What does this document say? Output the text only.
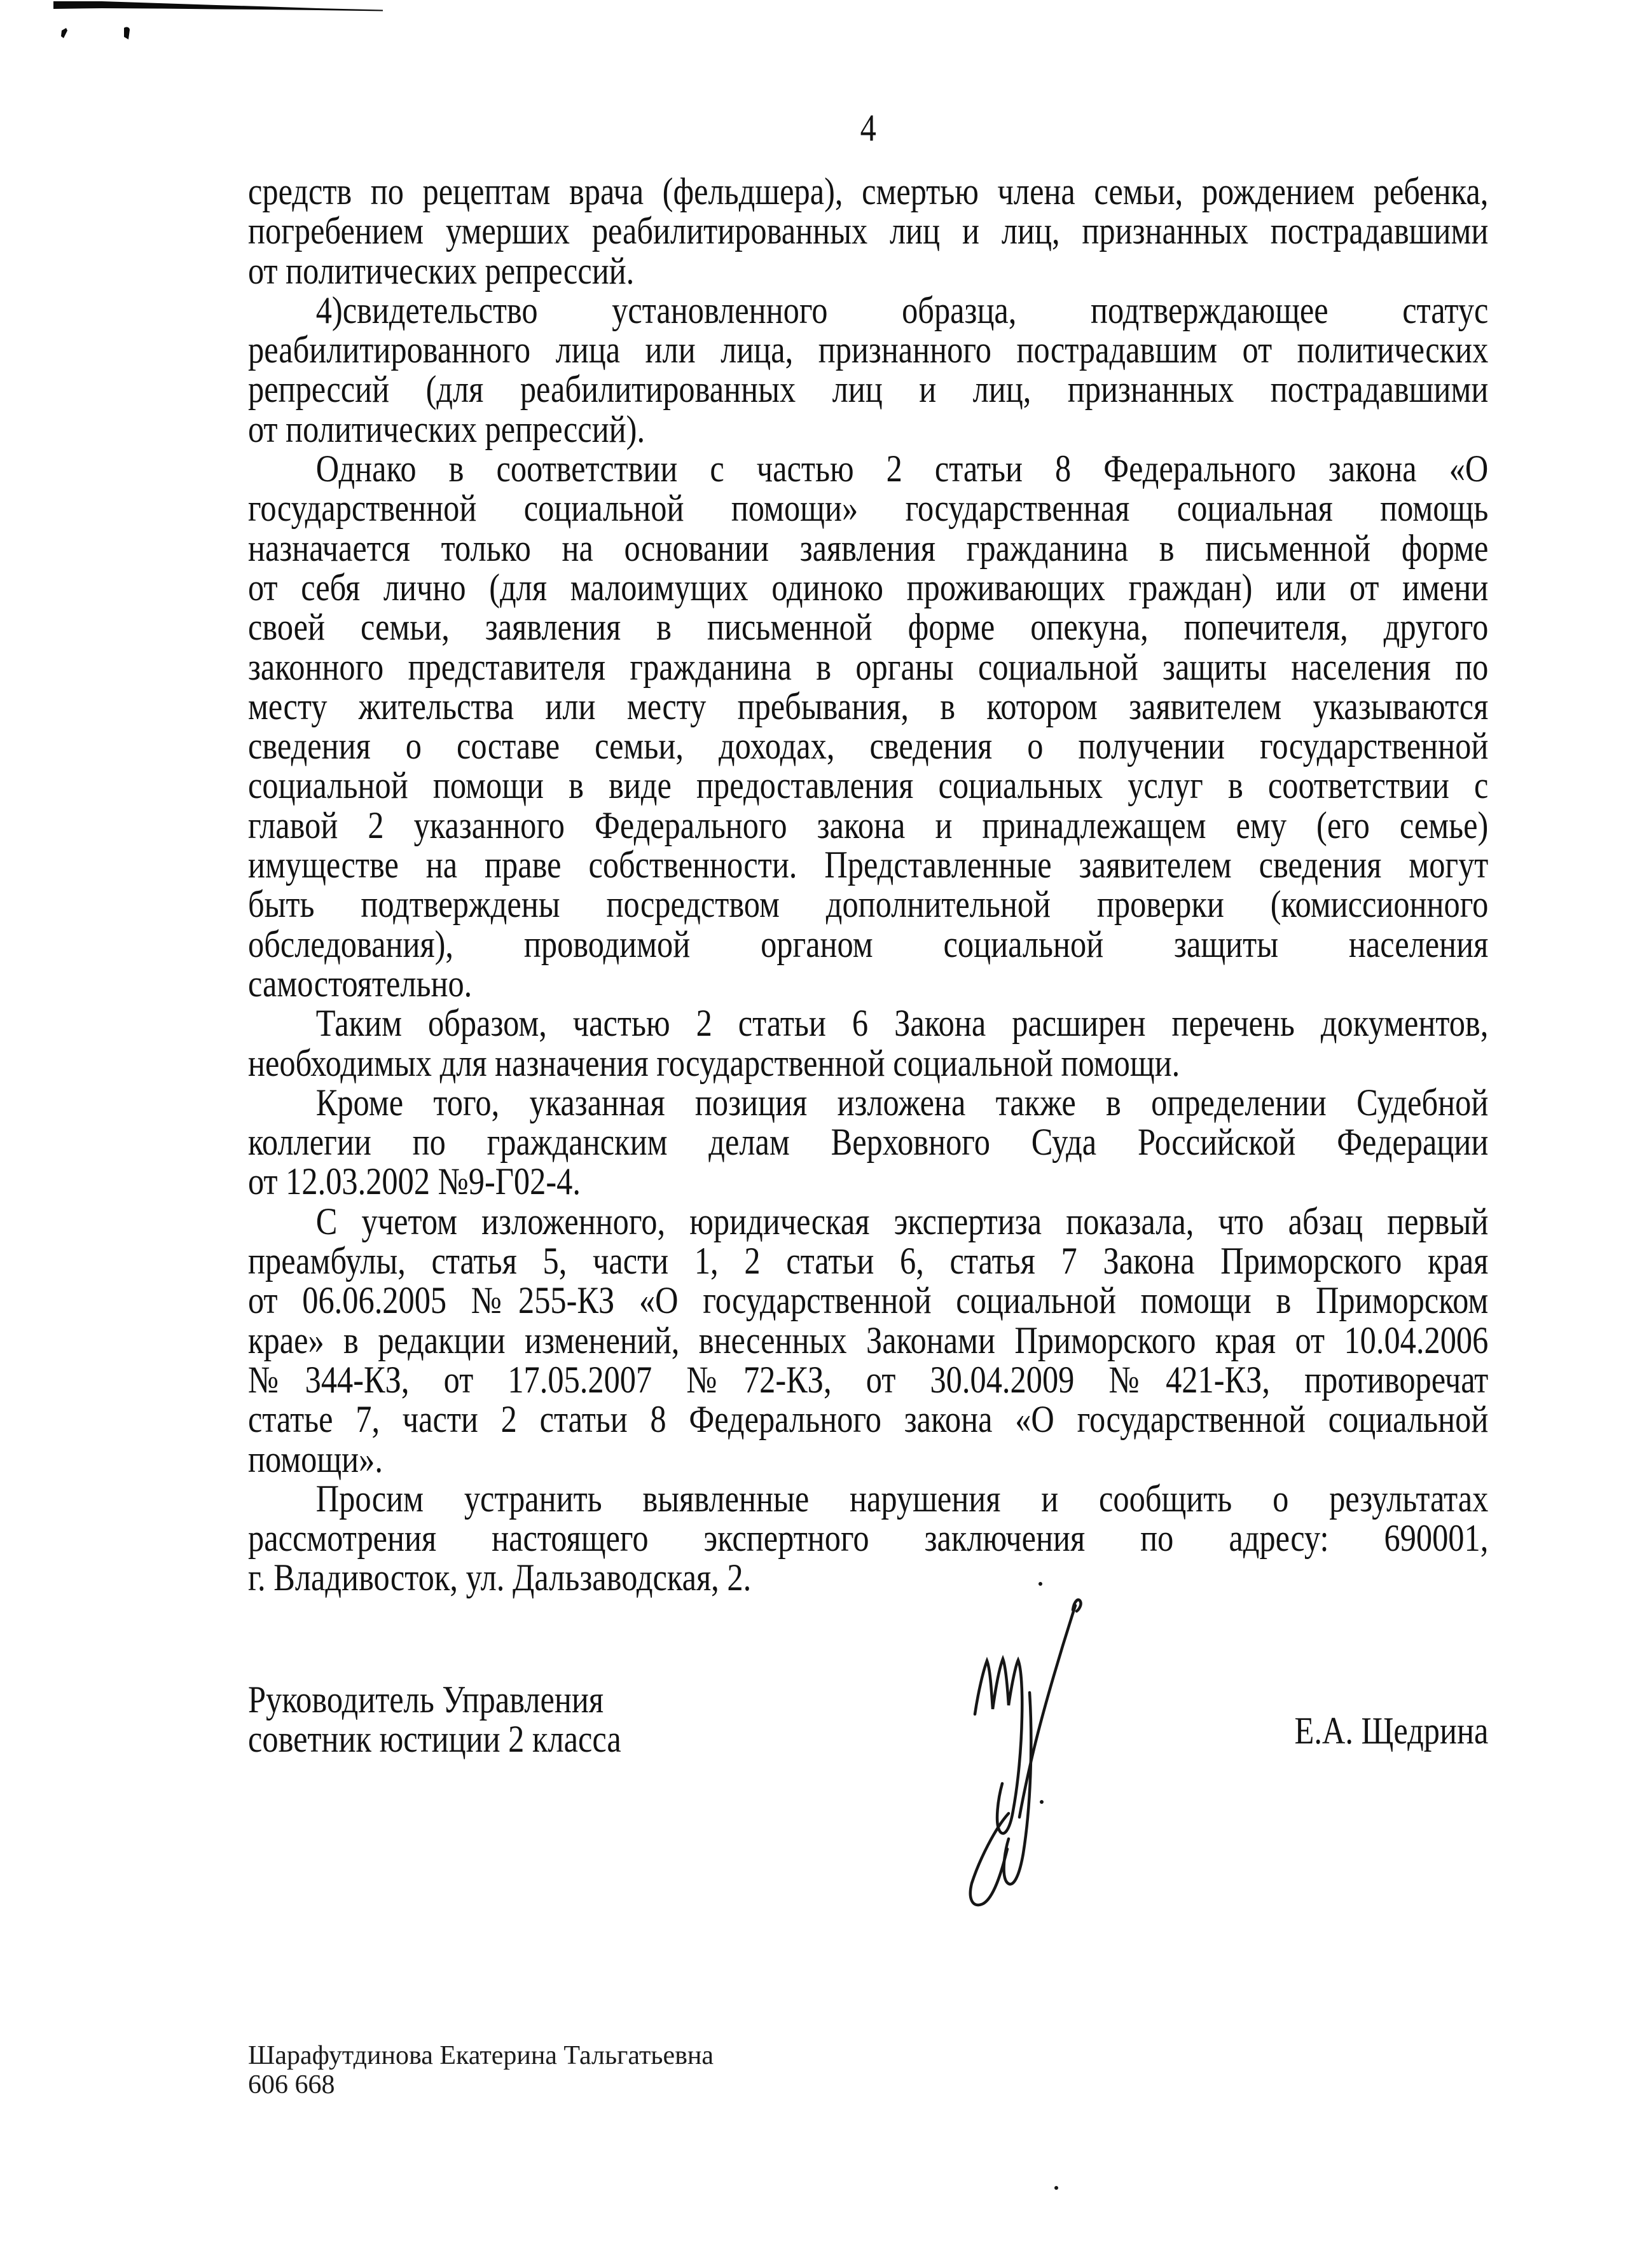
4
средств по рецептам врача (фельдшера), смертью члена семьи, рождением ребенка,
погребением умерших реабилитированных лиц и лиц, признанных пострадавшими
от политических репрессий.
4)свидетельство установленного образца, подтверждающее статус
реабилитированного лица или лица, признанного пострадавшим от политических
репрессий (для реабилитированных лиц и лиц, признанных пострадавшими
от политических репрессий).
Однако в соответствии с частью 2 статьи 8 Федерального закона «О
государственной социальной помощи» государственная социальная помощь
назначается только на основании заявления гражданина в письменной форме
от себя лично (для малоимущих одиноко проживающих граждан) или от имени
своей семьи, заявления в письменной форме опекуна, попечителя, другого
законного представителя гражданина в органы социальной защиты населения по
месту жительства или месту пребывания, в котором заявителем указываются
сведения о составе семьи, доходах, сведения о получении государственной
социальной помощи в виде предоставления социальных услуг в соответствии с
главой 2 указанного Федерального закона и принадлежащем ему (его семье)
имуществе на праве собственности. Представленные заявителем сведения могут
быть подтверждены посредством дополнительной проверки (комиссионного
обследования), проводимой органом социальной защиты населения
самостоятельно.
Таким образом, частью 2 статьи 6 Закона расширен перечень документов,
необходимых для назначения государственной социальной помощи.
Кроме того, указанная позиция изложена также в определении Судебной
коллегии по гражданским делам Верховного Суда Российской Федерации
от 12.03.2002 №9-Г02-4.
С учетом изложенного, юридическая экспертиза показала, что абзац первый
преамбулы, статья 5, части 1, 2 статьи 6, статья 7 Закона Приморского края
от 06.06.2005 №255-КЗ «О государственной социальной помощи в Приморском
крае» в редакции изменений, внесенных Законами Приморского края от 10.04.2006
№344-КЗ, от 17.05.2007 №72-КЗ, от 30.04.2009 №421-КЗ, противоречат
статье 7, части 2 статьи 8 Федерального закона «О государственной социальной
помощи».
Просим устранить выявленные нарушения и сообщить о результатах
рассмотрения настоящего экспертного заключения по адресу: 690001,
г. Владивосток, ул. Дальзаводская, 2.
Руководитель Управления
советник юстиции 2 класса	Е.А. Щедрина
Шарафутдинова Екатерина Тальгатьевна
606 668
